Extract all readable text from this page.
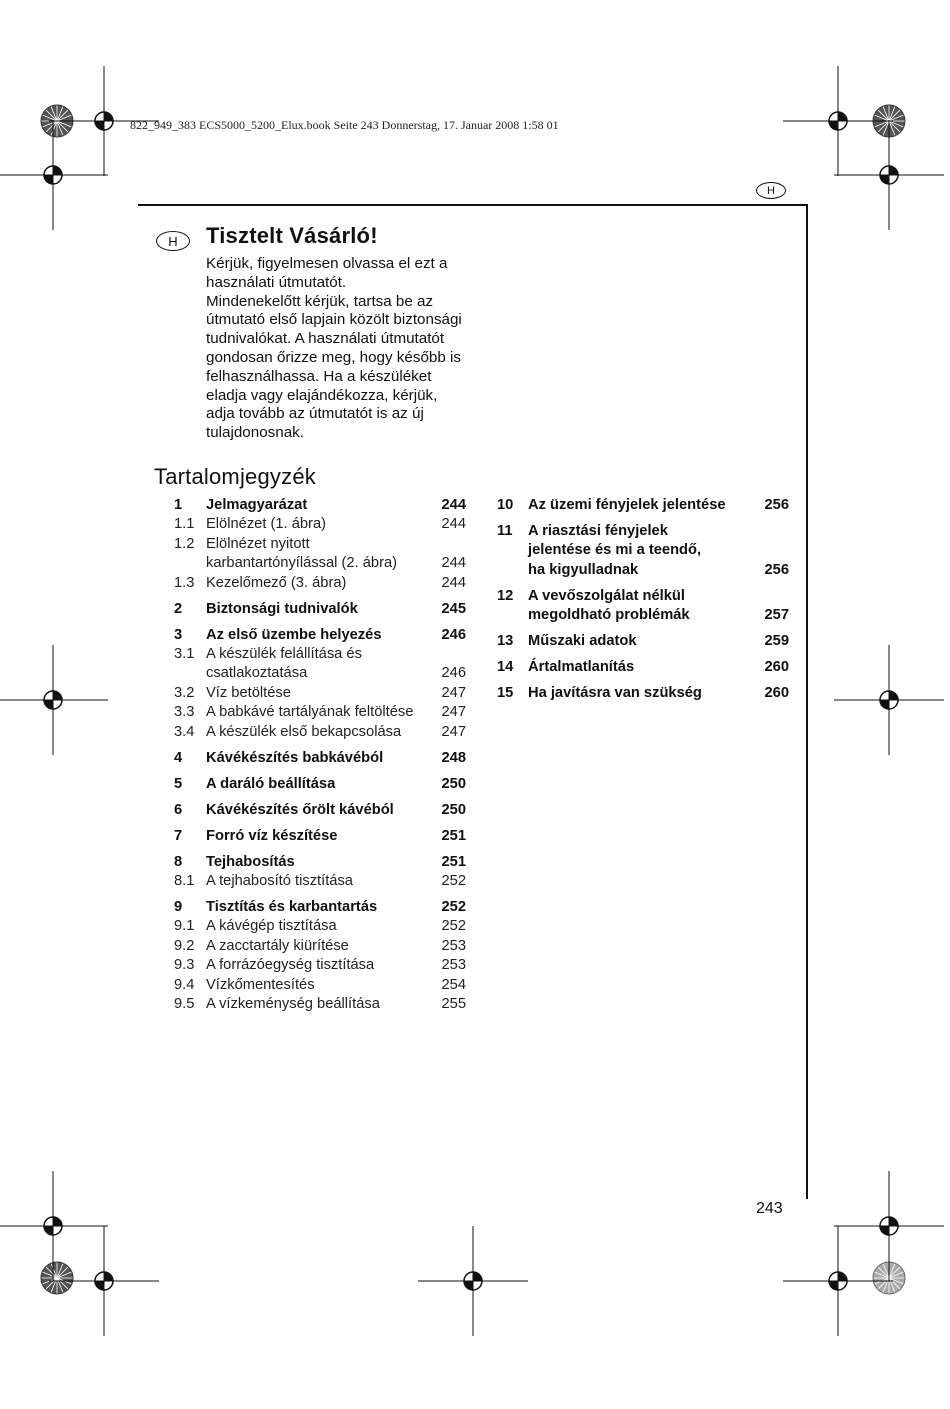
822_949_383 ECS5000_5200_Elux.book Seite 243 Donnerstag, 17. Januar 2008 1:58 01
H
H	Tisztelt Vásárló!

Kérjük, figyelmesen olvassa el ezt a

használati útmutatót.

Mindenekelőtt kérjük, tartsa be az

útmutató első lapjain közölt biztonsági

tudnivalókat. A használati útmutatót

gondosan őrizze meg, hogy később is

felhasználhassa. Ha a készüléket

eladja vagy elajándékozza, kérjük,

adja tovább az útmutatót is az új

tulajdonosnak.

Tartalomjegyzék
1	Jelmagyarázat	244
1.1 Elölnézet (1. ábra)	244
1.2 Elölnézet nyitott
karbantartónyílással (2. ábra)	244
1.3 Kezelőmező (3. ábra)	244
2	Biztonsági tudnivalók	245
3	Az első üzembe helyezés	246
3.1 A készülék felállítása és
csatlakoztatása	246
3.2 Víz betöltése	247
3.3 A babkávé tartályának feltöltése	247
3.4 A készülék első bekapcsolása	247
4	Kávékészítés babkávéból	248
5	A daráló beállítása	250
6	Kávékészítés őrölt kávéból	250
7	Forró víz készítése	251
8	Tejhabosítás	251
8.1 A tejhabosító tisztítása	252
9	Tisztítás és karbantartás	252
9.1 A kávégép tisztítása	252
9.2 A zacctartály kiürítése	253
9.3 A forrázóegység tisztítása	253
9.4 Vízkőmentesítés	254
9.5 A vízkeménység beállítása	255
10 Az üzemi fényjelek jelentése	256
11	A riasztási fényjelek
jelentése és mi a teendő,
ha kigyulladnak	256
12 A vevőszolgálat nélkül
megoldható problémák	257
13 Műszaki adatok	259
14 Ártalmatlanítás	260
15 Ha javításra van szükség	260
243
